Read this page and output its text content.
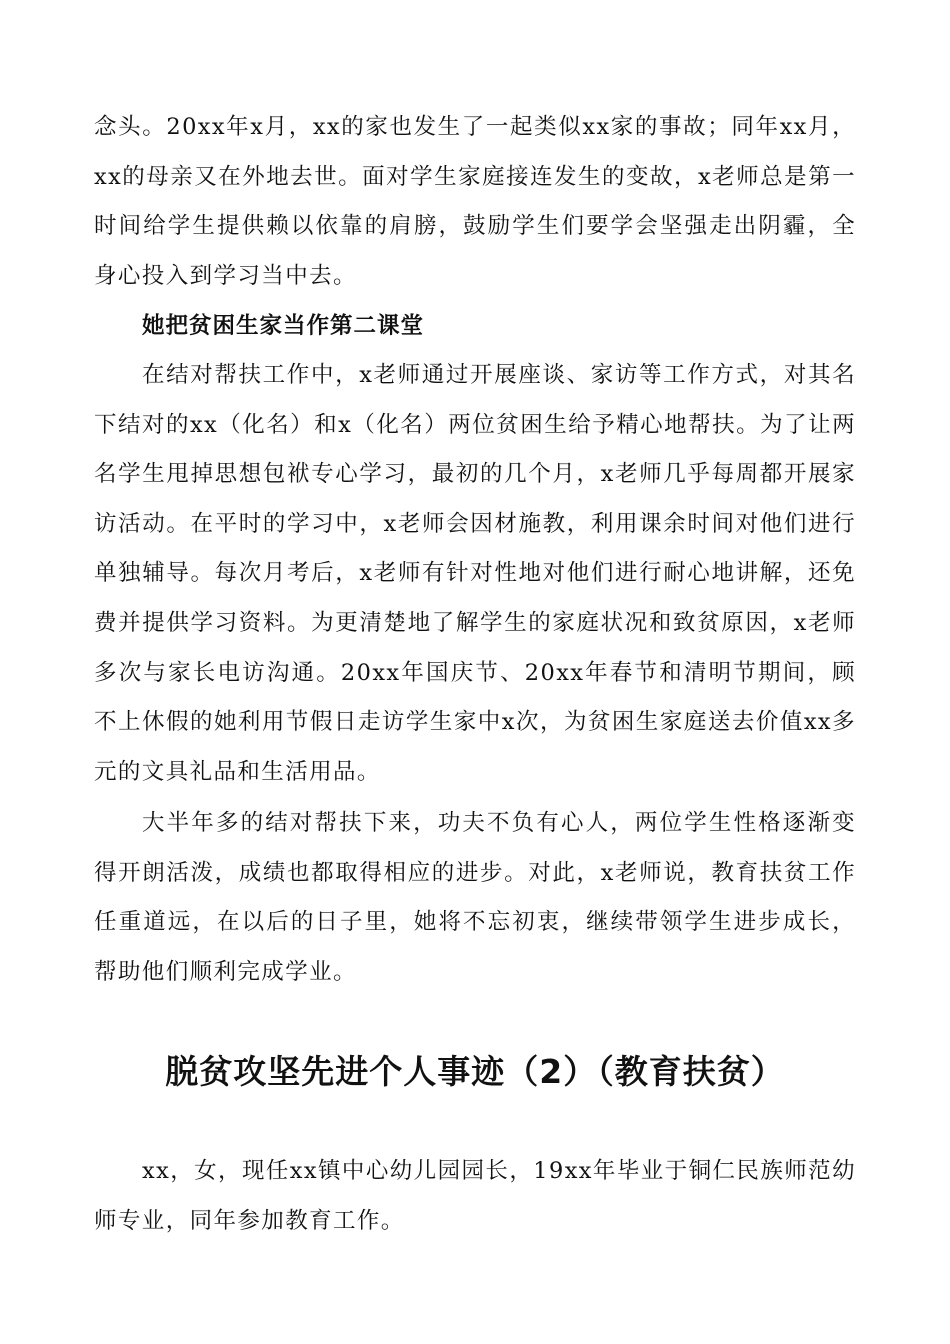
念头。20xx年x月，xx的家也发生了一起类似xx家的事故；同年xx月，xx的母亲又在外地去世。面对学生家庭接连发生的变故，x老师总是第一时间给学生提供赖以依靠的肩膀，鼓励学生们要学会坚强走出阴霾，全身心投入到学习当中去。

她把贫困生家当作第二课堂

在结对帮扶工作中，x老师通过开展座谈、家访等工作方式，对其名下结对的xx（化名）和x（化名）两位贫困生给予精心地帮扶。为了让两名学生甩掉思想包袱专心学习，最初的几个月，x老师几乎每周都开展家访活动。在平时的学习中，x老师会因材施教，利用课余时间对他们进行单独辅导。每次月考后，x老师有针对性地对他们进行耐心地讲解，还免费并提供学习资料。为更清楚地了解学生的家庭状况和致贫原因，x老师多次与家长电访沟通。20xx年国庆节、20xx年春节和清明节期间，顾不上休假的她利用节假日走访学生家中x次，为贫困生家庭送去价值xx多元的文具礼品和生活用品。

大半年多的结对帮扶下来，功夫不负有心人，两位学生性格逐渐变得开朗活泼，成绩也都取得相应的进步。对此，x老师说，教育扶贫工作任重道远，在以后的日子里，她将不忘初衷，继续带领学生进步成长，帮助他们顺利完成学业。

脱贫攻坚先进个人事迹（2）（教育扶贫）

xx，女，现任xx镇中心幼儿园园长，19xx年毕业于铜仁民族师范幼师专业，同年参加教育工作。
